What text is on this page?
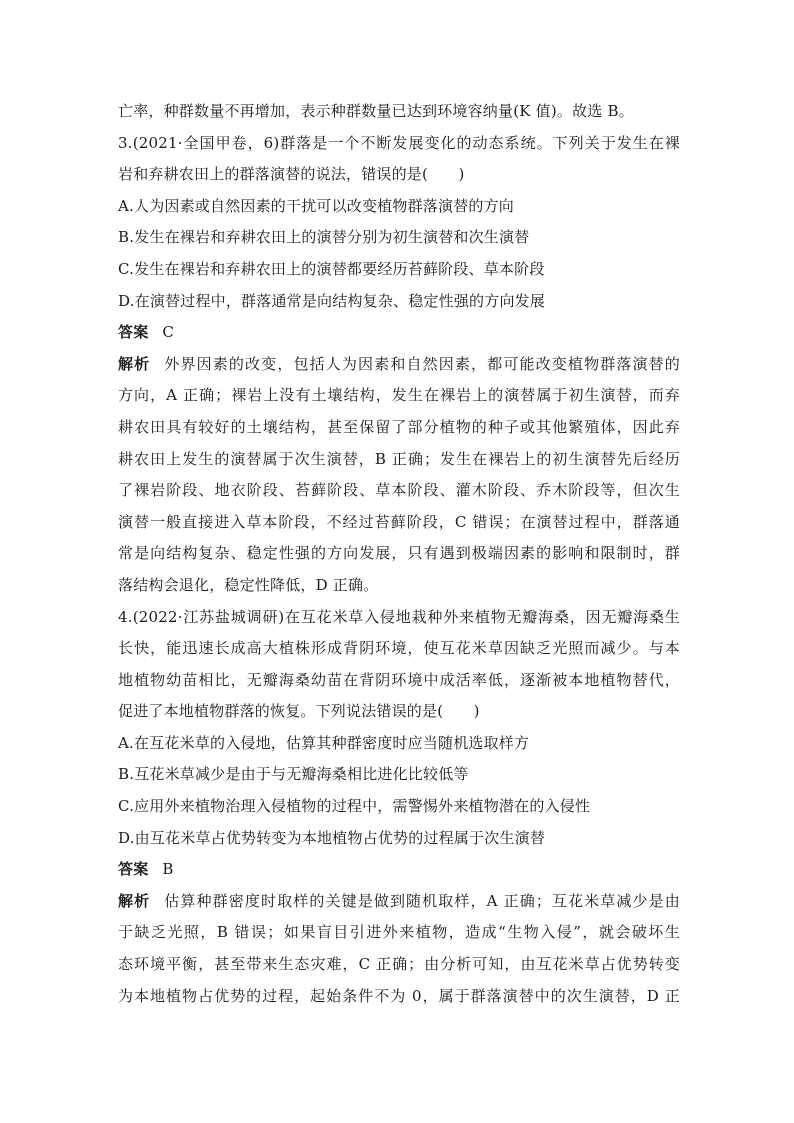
亡率，种群数量不再增加，表示种群数量已达到环境容纳量(K 值)。故选 B。
3.(2021·全国甲卷，6)群落是一个不断发展变化的动态系统。下列关于发生在裸
岩和弃耕农田上的群落演替的说法，错误的是(　　)
A.人为因素或自然因素的干扰可以改变植物群落演替的方向
B.发生在裸岩和弃耕农田上的演替分别为初生演替和次生演替
C.发生在裸岩和弃耕农田上的演替都要经历苔藓阶段、草本阶段
D.在演替过程中，群落通常是向结构复杂、稳定性强的方向发展
答案 C
解析 外界因素的改变，包括人为因素和自然因素，都可能改变植物群落演替的
方向，A 正确；裸岩上没有土壤结构，发生在裸岩上的演替属于初生演替，而弃
耕农田具有较好的土壤结构，甚至保留了部分植物的种子或其他繁殖体，因此弃
耕农田上发生的演替属于次生演替，B 正确；发生在裸岩上的初生演替先后经历
了裸岩阶段、地衣阶段、苔藓阶段、草本阶段、灌木阶段、乔木阶段等，但次生
演替一般直接进入草本阶段，不经过苔藓阶段，C 错误；在演替过程中，群落通
常是向结构复杂、稳定性强的方向发展，只有遇到极端因素的影响和限制时，群
落结构会退化，稳定性降低，D 正确。
4.(2022·江苏盐城调研)在互花米草入侵地栽种外来植物无瓣海桑，因无瓣海桑生
长快，能迅速长成高大植株形成背阴环境，使互花米草因缺乏光照而减少。与本
地植物幼苗相比，无瓣海桑幼苗在背阴环境中成活率低，逐渐被本地植物替代，
促进了本地植物群落的恢复。下列说法错误的是(　　)
A.在互花米草的入侵地，估算其种群密度时应当随机选取样方
B.互花米草减少是由于与无瓣海桑相比进化比较低等
C.应用外来植物治理入侵植物的过程中，需警惕外来植物潜在的入侵性
D.由互花米草占优势转变为本地植物占优势的过程属于次生演替
答案 B
解析 估算种群密度时取样的关键是做到随机取样，A 正确；互花米草减少是由
于缺乏光照，B 错误；如果盲目引进外来植物，造成“生物入侵”，就会破坏生
态环境平衡，甚至带来生态灾难，C 正确；由分析可知，由互花米草占优势转变
为本地植物占优势的过程，起始条件不为 0，属于群落演替中的次生演替，D 正
